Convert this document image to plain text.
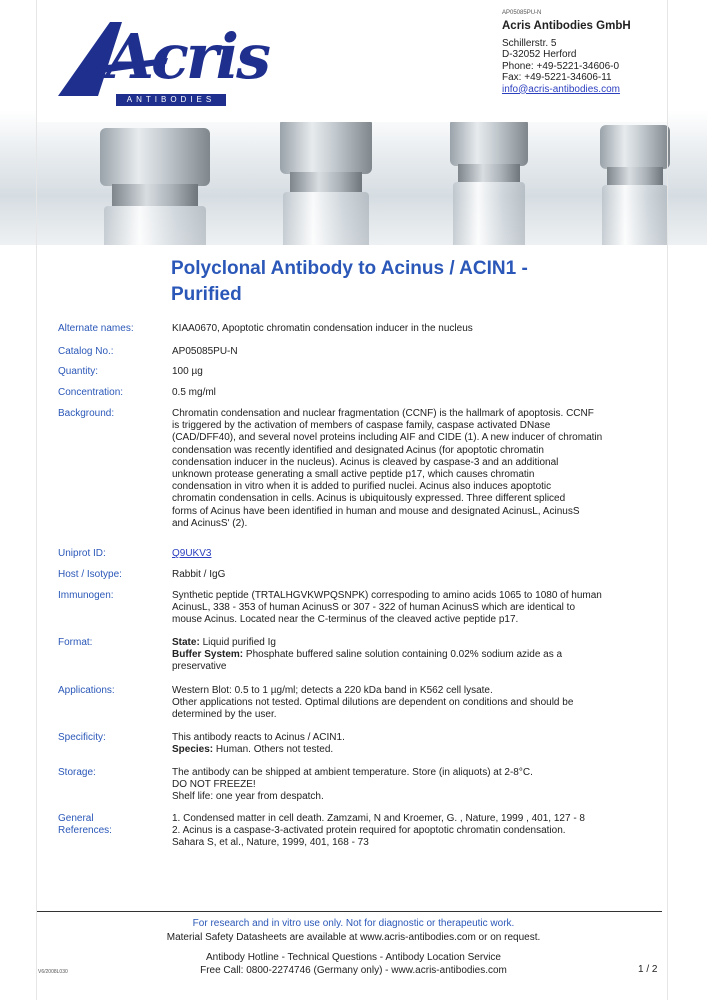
Acris
ANTIBODIES
AP05085PU-N
Acris Antibodies GmbH
Schillerstr. 5
D-32052 Herford
Phone: +49-5221-34606-0
Fax: +49-5221-34606-11
info@acris-antibodies.com
Polyclonal Antibody to Acinus / ACIN1 -
Purified
Alternate names:	KIAA0670, Apoptotic chromatin condensation inducer in the nucleus
Catalog No.:	AP05085PU-N
Quantity:	100 µg
Concentration:	0.5 mg/ml
Background:	Chromatin condensation and nuclear fragmentation (CCNF) is the hallmark of apoptosis. CCNF
is triggered by the activation of members of caspase family, caspase activated DNase
(CAD/DFF40), and several novel proteins including AIF and CIDE (1). A new inducer of chromatin
condensation was recently identified and designated Acinus (for apoptotic chromatin
condensation inducer in the nucleus). Acinus is cleaved by caspase-3 and an additional
unknown protease generating a small active peptide p17, which causes chromatin
condensation in vitro when it is added to purified nuclei. Acinus also induces apoptotic
chromatin condensation in cells. Acinus is ubiquitously expressed. Three different spliced
forms of Acinus have been identified in human and mouse and designated AcinusL, AcinusS
and AcinusS' (2).
Uniprot ID:	Q9UKV3
Host / Isotype:	Rabbit / IgG
Immunogen:	Synthetic peptide (TRTALHGVKWPQSNPK) correspoding to amino acids 1065 to 1080 of human
AcinusL, 338 - 353 of human AcinusS or 307 - 322 of human AcinusS which are identical to
mouse Acinus. Located near the C-terminus of the cleaved active peptide p17.
Format:	State: Liquid purified Ig
Buffer System: Phosphate buffered saline solution containing 0.02% sodium azide as a
preservative
Applications:	Western Blot: 0.5 to 1 µg/ml; detects a 220 kDa band in K562 cell lysate.
Other applications not tested. Optimal dilutions are dependent on conditions and should be
determined by the user.
Specificity:	This antibody reacts to Acinus / ACIN1.
Species: Human. Others not tested.
Storage:	The antibody can be shipped at ambient temperature. Store (in aliquots) at 2-8°C.
DO NOT FREEZE!
Shelf life: one year from despatch.
General
References:
1. Condensed matter in cell death. Zamzami, N and Kroemer, G. , Nature, 1999 , 401, 127 - 8
2. Acinus is a caspase-3-activated protein required for apoptotic chromatin condensation.
Sahara S, et al., Nature, 1999, 401, 168 - 73
For research and in vitro use only. Not for diagnostic or therapeutic work.
Material Safety Datasheets are available at www.acris-antibodies.com or on request.
Antibody Hotline - Technical Questions - Antibody Location Service
Free Call: 0800-2274746 (Germany only) - www.acris-antibodies.com
V6/2008L030	1 / 2
